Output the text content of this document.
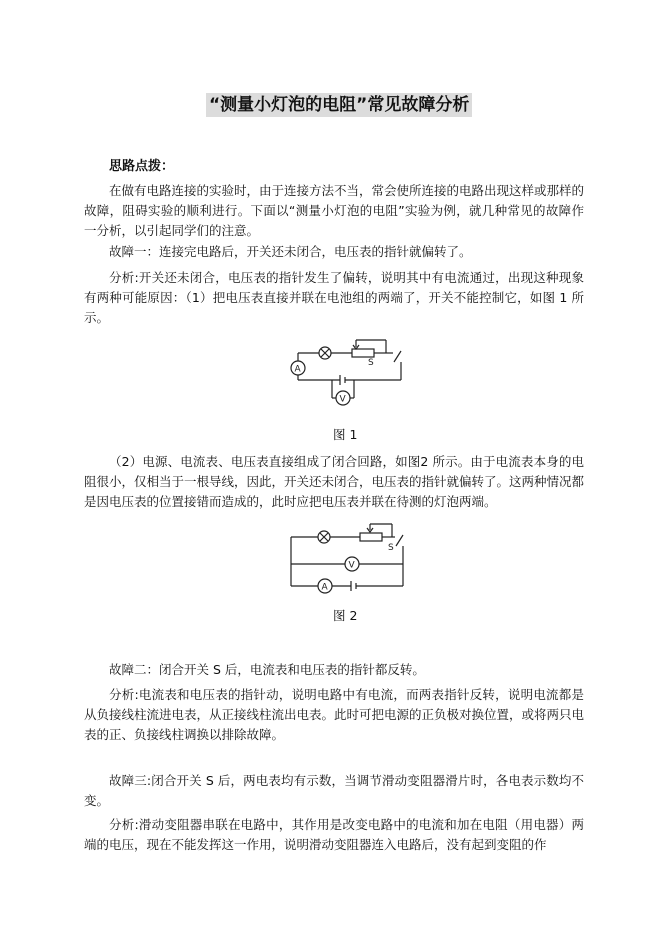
“测量小灯泡的电阻”常见故障分析
思路点拨：
在做有电路连接的实验时，由于连接方法不当，常会使所连接的电路出现这样或那样的故障，阻碍实验的顺利进行。下面以“测量小灯泡的电阻”实验为例，就几种常见的故障作一分析，以引起同学们的注意。
故障一：连接完电路后，开关还未闭合，电压表的指针就偏转了。
分析:开关还未闭合，电压表的指针发生了偏转，说明其中有电流通过，出现这种现象有两种可能原因：（1）把电压表直接并联在电池组的两端了，开关不能控制它，如图 1 所示。
S
A
V
图 1
（2）电源、电流表、电压表直接组成了闭合回路，如图2 所示。由于电流表本身的电阻很小，仅相当于一根导线，因此，开关还未闭合，电压表的指针就偏转了。这两种情况都是因电压表的位置接错而造成的，此时应把电压表并联在待测的灯泡两端。
S
V
A
图 2
故障二：闭合开关 S 后，电流表和电压表的指针都反转。
分析:电流表和电压表的指针动，说明电路中有电流，而两表指针反转，说明电流都是从负接线柱流进电表，从正接线柱流出电表。此时可把电源的正负极对换位置，或将两只电表的正、负接线柱调换以排除故障。
故障三:闭合开关 S 后，两电表均有示数，当调节滑动变阻器滑片时，各电表示数均不变。
分析:滑动变阻器串联在电路中，其作用是改变电路中的电流和加在电阻（用电器）两端的电压，现在不能发挥这一作用，说明滑动变阻器连入电路后，没有起到变阻的作
